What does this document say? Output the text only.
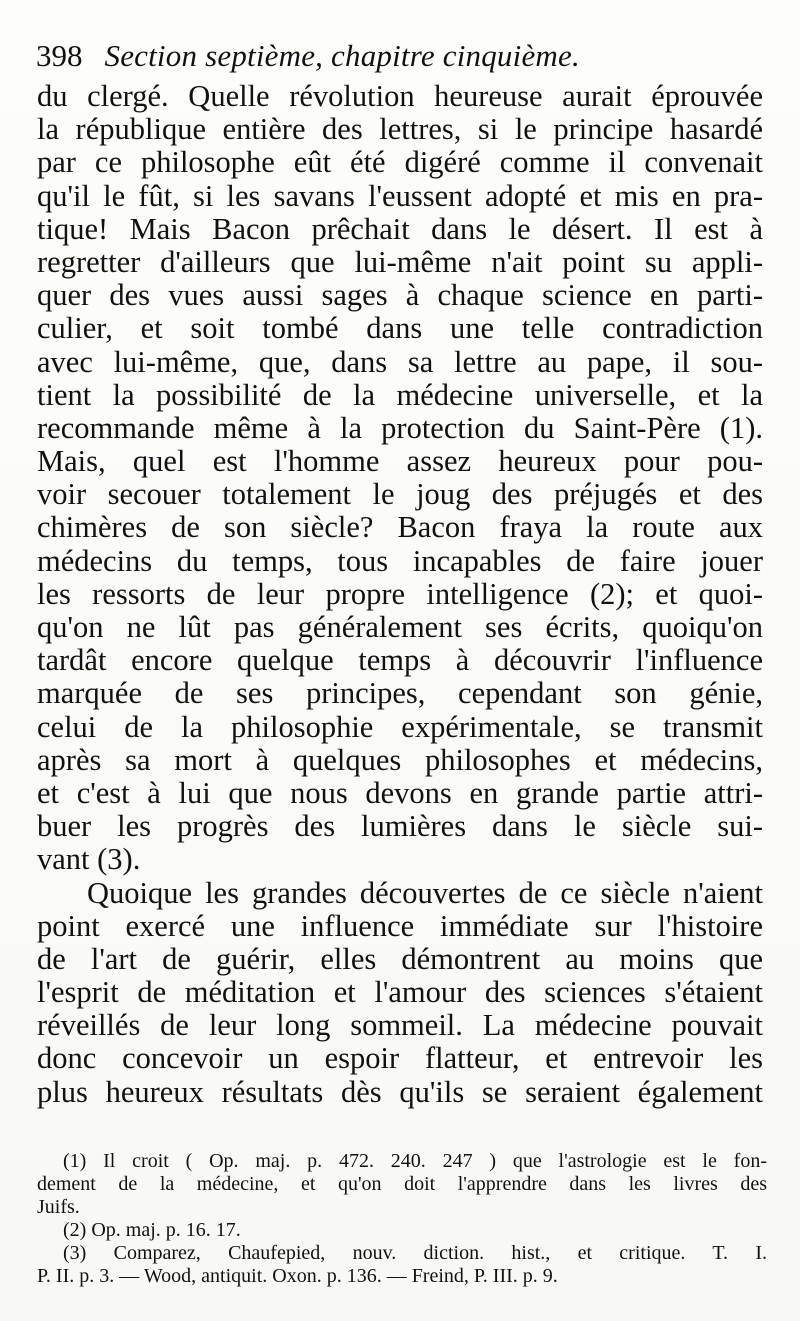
398 Section septième, chapitre cinquième.
du clergé. Quelle révolution heureuse aurait éprouvée
la république entière des lettres, si le principe hasardé
par ce philosophe eût été digéré comme il convenait
qu'il le fût, si les savans l'eussent adopté et mis en pra-
tique! Mais Bacon prêchait dans le désert. Il est à
regretter d'ailleurs que lui-même n'ait point su appli-
quer des vues aussi sages à chaque science en parti-
culier, et soit tombé dans une telle contradiction
avec lui-même, que, dans sa lettre au pape, il sou-
tient la possibilité de la médecine universelle, et la
recommande même à la protection du Saint-Père (1).
Mais, quel est l'homme assez heureux pour pou-
voir secouer totalement le joug des préjugés et des
chimères de son siècle? Bacon fraya la route aux
médecins du temps, tous incapables de faire jouer
les ressorts de leur propre intelligence (2); et quoi-
qu'on ne lût pas généralement ses écrits, quoiqu'on
tardât encore quelque temps à découvrir l'influence
marquée de ses principes, cependant son génie,
celui de la philosophie expérimentale, se transmit
après sa mort à quelques philosophes et médecins,
et c'est à lui que nous devons en grande partie attri-
buer les progrès des lumières dans le siècle sui-
vant (3).
Quoique les grandes découvertes de ce siècle n'aient
point exercé une influence immédiate sur l'histoire
de l'art de guérir, elles démontrent au moins que
l'esprit de méditation et l'amour des sciences s'étaient
réveillés de leur long sommeil. La médecine pouvait
donc concevoir un espoir flatteur, et entrevoir les
plus heureux résultats dès qu'ils se seraient également
(1) Il croit ( Op. maj. p. 472. 240. 247 ) que l'astrologie est le fon-
dement de la médecine, et qu'on doit l'apprendre dans les livres des
Juifs.
(2) Op. maj. p. 16. 17.
(3) Comparez, Chaufepied, nouv. diction. hist., et critique. T. I.
P. II. p. 3. — Wood, antiquit. Oxon. p. 136. — Freind, P. III. p. 9.
